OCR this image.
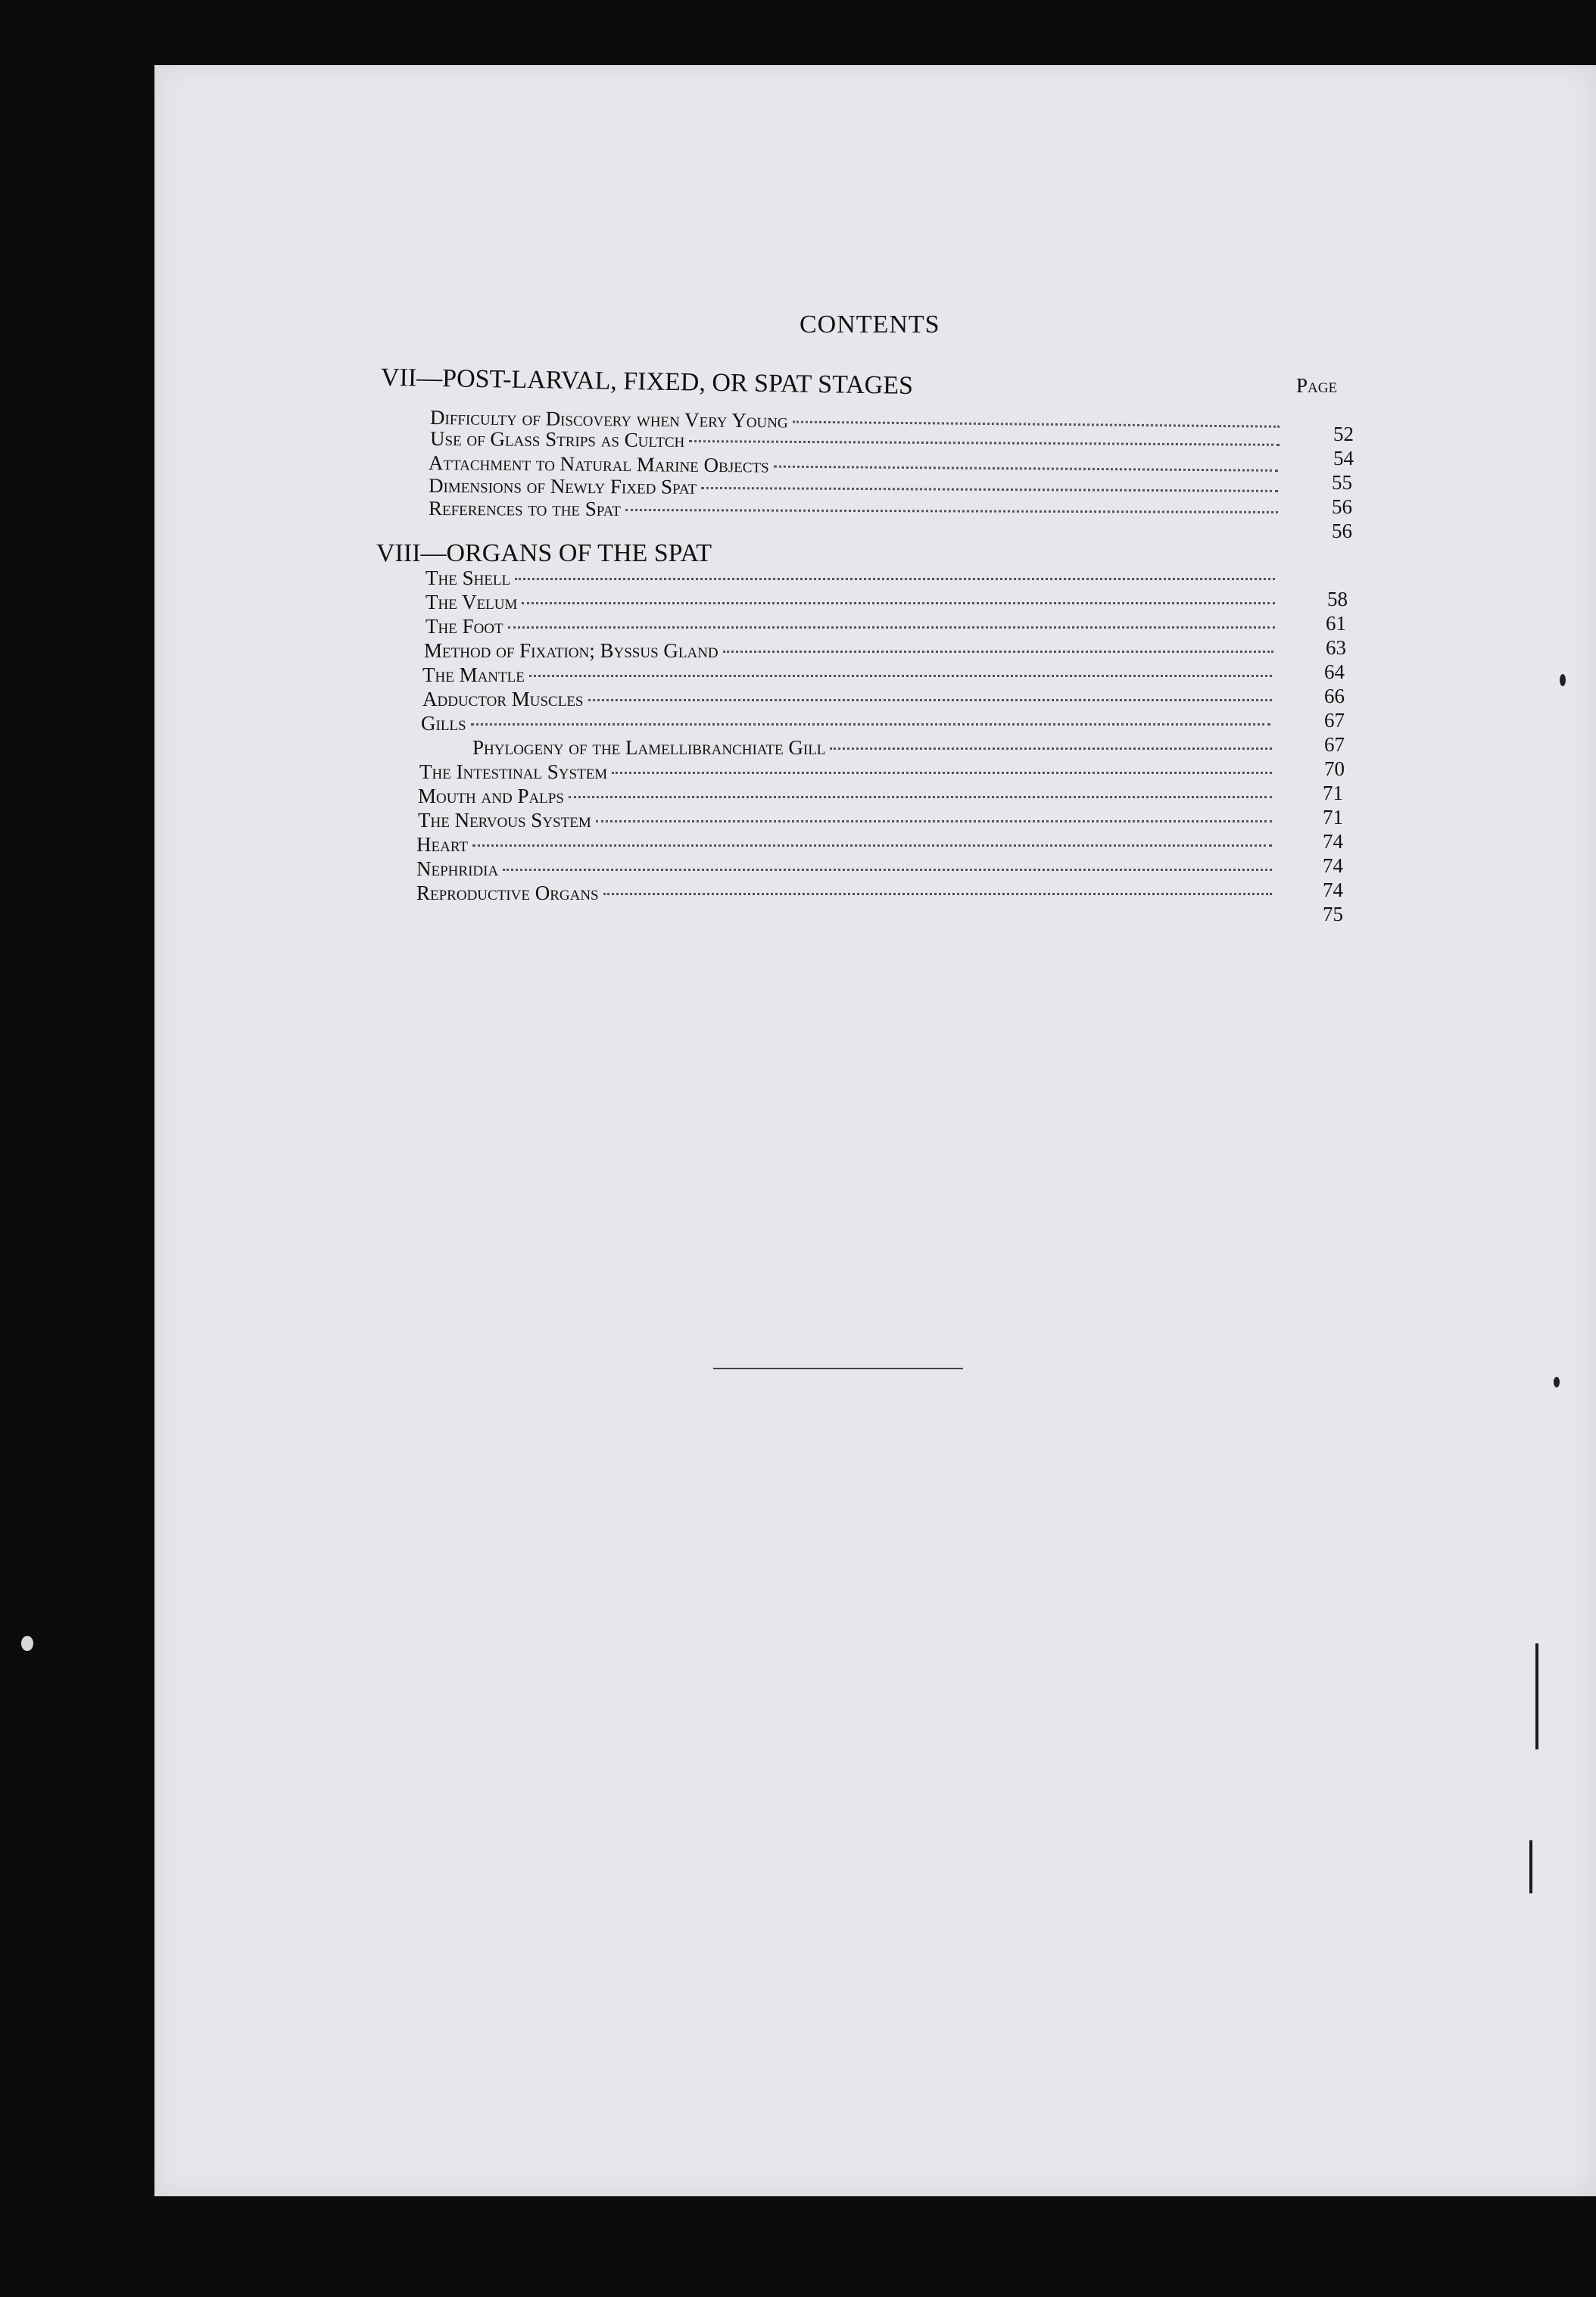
CONTENTS
Page
VII—POST-LARVAL, FIXED, OR SPAT STAGES
Difficulty of Discovery when Very Young
Use of Glass Strips as Cultch
Attachment to Natural Marine Objects
Dimensions of Newly Fixed Spat
References to the Spat
VIII—ORGANS OF THE SPAT
The Shell
The Velum
The Foot
Method of Fixation; Byssus Gland
The Mantle
Adductor Muscles
Gills
Phylogeny of the Lamellibranchiate Gill
The Intestinal System
Mouth and Palps
The Nervous System
Heart
Nephridia
Reproductive Organs
52
54
55
56
56
58
61
63
64
66
67
67
70
71
71
74
74
74
75
